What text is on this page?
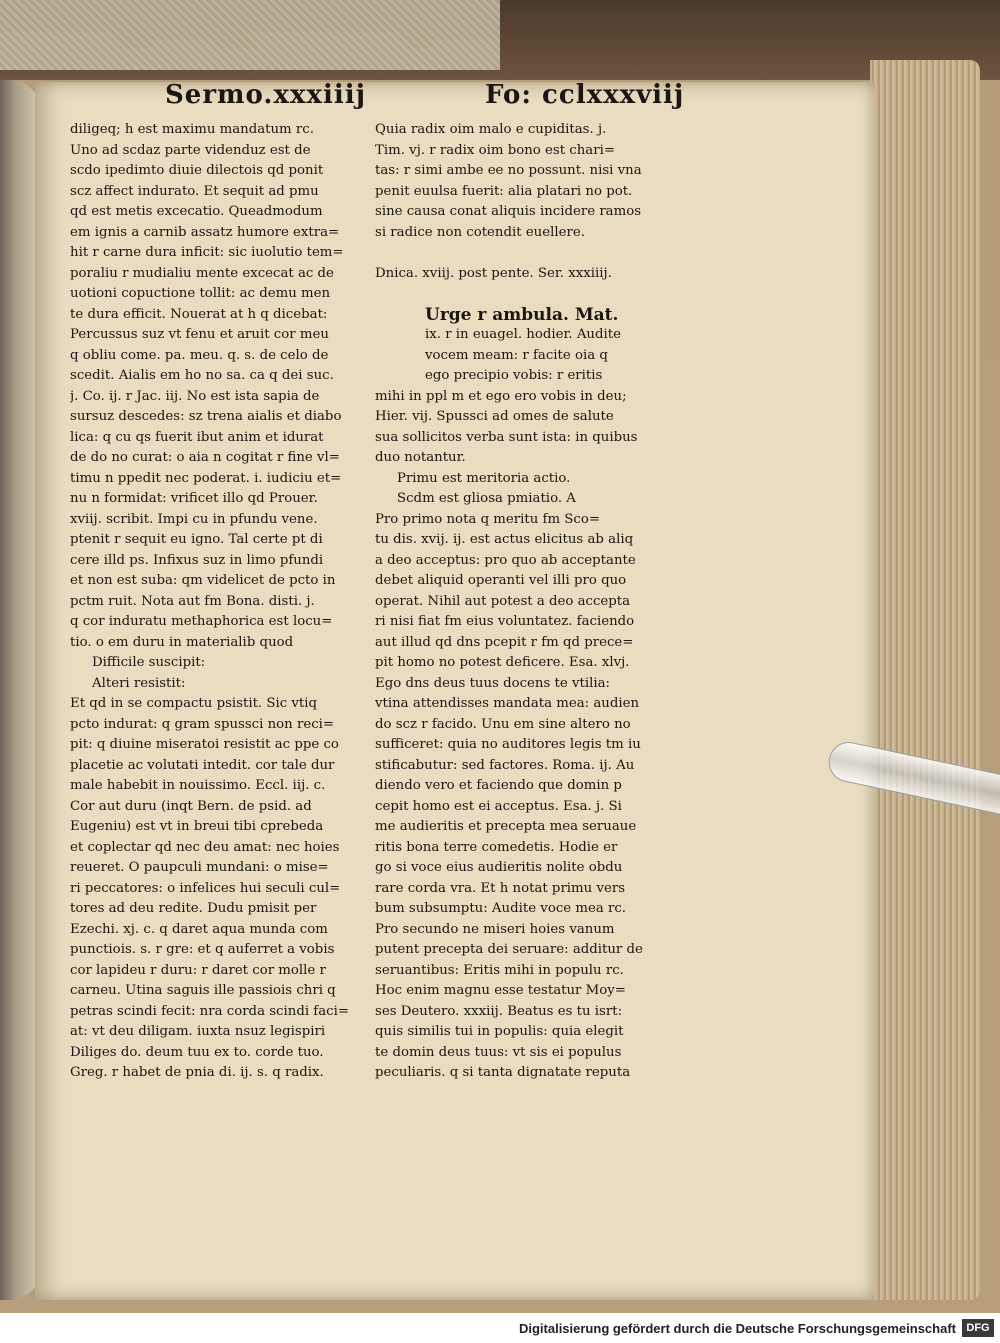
Sermo.xxxiiij	Fo: cclxxxviij
diligeq; h est maximu mandatum rc.
Uno ad scdaz parte videnduz est de
scdo ipedimto diuie dilectois qd ponit
scz affect indurato. Et sequit ad pmu
qd est metis excecatio. Queadmodum
em ignis a carnib assatz humore extra=
hit r carne dura inficit: sic iuolutio tem=
poraliu r mudialiu mente excecat ac de
uotioni copuctione tollit: ac demu men
te dura efficit. Nouerat at h q dicebat:
Percussus suz vt fenu et aruit cor meu
q obliu come. pa. meu. q. s. de celo de
scedit. Aialis em ho no sa. ca q dei suc.
j. Co. ij. r Jac. iij. No est ista sapia de
sursuz descedes: sz trena aialis et diabo
lica: q cu qs fuerit ibut anim et idurat
de do no curat: o aia n cogitat r fine vl=
timu n ppedit nec poderat. i. iudiciu et=
nu n formidat: vrificet illo qd Prouer.
xviij. scribit. Impi cu in pfundu vene.
ptenit r sequit eu igno. Tal certe pt di
cere illd ps. Infixus suz in limo pfundi
et non est suba: qm videlicet de pcto in
pctm ruit. Nota aut fm Bona. disti. j.
q cor induratu methaphorica est locu=
tio. o em duru in materialib quod
Difficile suscipit:
Alteri resistit:
Et qd in se compactu psistit. Sic vtiq
pcto indurat: q gram spussci non reci=
pit: q diuine miseratoi resistit ac ppe co
placetie ac volutati intedit. cor tale dur
male habebit in nouissimo. Eccl. iij. c.
Cor aut duru (inqt Bern. de psid. ad
Eugeniu) est vt in breui tibi cprebeda
et coplectar qd nec deu amat: nec hoies
reueret. O paupculi mundani: o mise=
ri peccatores: o infelices hui seculi cul=
tores ad deu redite. Dudu pmisit per
Ezechi. xj. c. q daret aqua munda com
punctiois. s. r gre: et q auferret a vobis
cor lapideu r duru: r daret cor molle r
carneu. Utina saguis ille passiois chri q
petras scindi fecit: nra corda scindi faci=
at: vt deu diligam. iuxta nsuz legispiri
Diliges do. deum tuu ex to. corde tuo.
Greg. r habet de pnia di. ij. s. q radix.
Quia radix oim malo e cupiditas. j.
Tim. vj. r radix oim bono est chari=
tas: r simi ambe ee no possunt. nisi vna
penit euulsa fuerit: alia platari no pot.
sine causa conat aliquis incidere ramos
si radice non cotendit euellere.
Dnica. xviij. post pente. Ser. xxxiiij.
Urge r ambula. Mat.
ix. r in euagel. hodier. Audite
vocem meam: r facite oia q
ego precipio vobis: r eritis
mihi in ppl m et ego ero vobis in deu;
Hier. vij. Spussci ad omes de salute
sua sollicitos verba sunt ista: in quibus
duo notantur.
Primu est meritoria actio.
Scdm est gliosa pmiatio. A
Pro primo nota q meritu fm Sco=
tu dis. xvij. ij. est actus elicitus ab aliq
a deo acceptus: pro quo ab acceptante
debet aliquid operanti vel illi pro quo
operat. Nihil aut potest a deo accepta
ri nisi fiat fm eius voluntatez. faciendo
aut illud qd dns pcepit r fm qd prece=
pit homo no potest deficere. Esa. xlvj.
Ego dns deus tuus docens te vtilia:
vtina attendisses mandata mea: audien
do scz r facido. Unu em sine altero no
sufficeret: quia no auditores legis tm iu
stificabutur: sed factores. Roma. ij. Au
diendo vero et faciendo que domin p
cepit homo est ei acceptus. Esa. j. Si
me audieritis et precepta mea seruaue
ritis bona terre comedetis. Hodie er
go si voce eius audieritis nolite obdu
rare corda vra. Et h notat primu vers
bum subsumptu: Audite voce mea rc.
Pro secundo ne miseri hoies vanum
putent precepta dei seruare: additur de
seruantibus: Eritis mihi in populu rc.
Hoc enim magnu esse testatur Moy=
ses Deutero. xxxiij. Beatus es tu isrt:
quis similis tui in populis: quia elegit
te domin deus tuus: vt sis ei populus
peculiaris. q si tanta dignatate reputa
Digitalisierung gefördert durch die Deutsche Forschungsgemeinschaft DFG
